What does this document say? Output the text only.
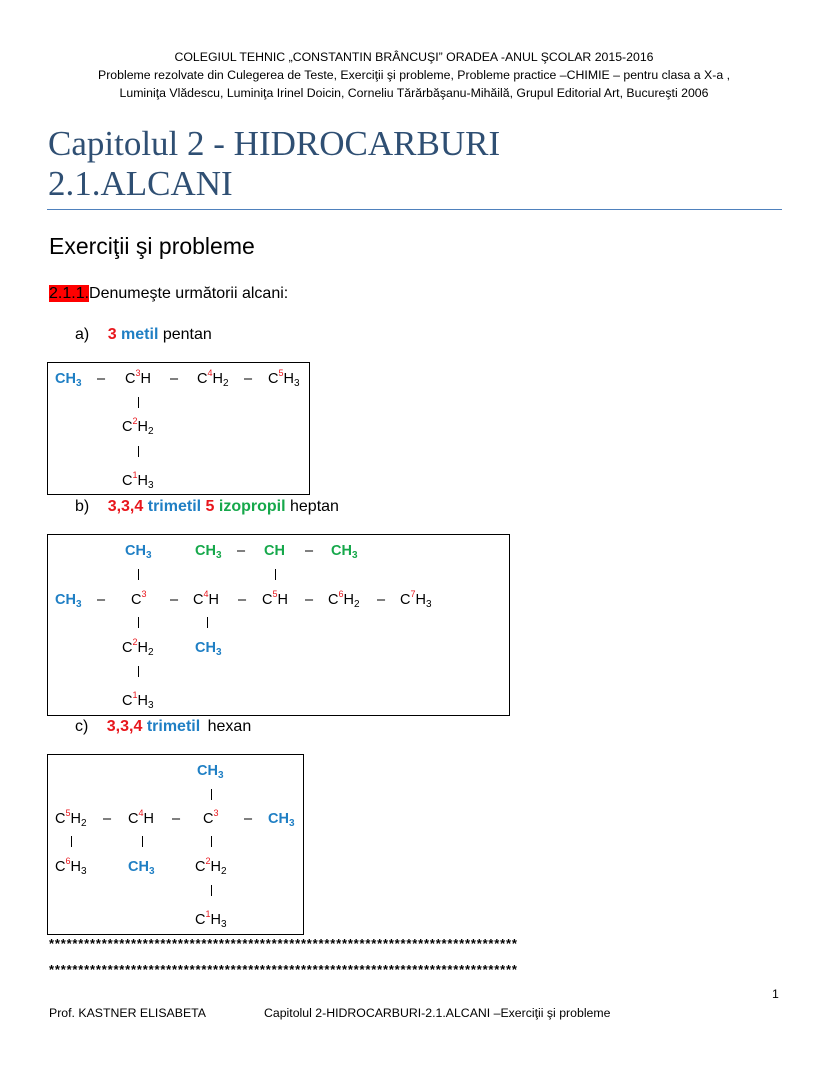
COLEGIUL TEHNIC „CONSTANTIN BRÂNCUŞI” ORADEA -ANUL ŞCOLAR 2015-2016
Probleme rezolvate din Culegerea de Teste, Exerciţii şi probleme, Probleme practice –CHIMIE – pentru clasa a X-a ,
Luminiţa Vlădescu, Luminiţa Irinel Doicin, Corneliu Tărărbăşanu-Mihăilă, Grupul Editorial Art, Bucureşti 2006
Capitolul 2 - HIDROCARBURI
2.1.ALCANI
Exerciţii şi probleme
2.1.1.Denumeşte următorii alcani:
a) 3 metil pentan
$CH_3 - C^3H - C^4H_2 - C^5H_3$
$C^2H_2$
$C^1H_3$
b) 3,3,4 trimetil 5 izopropil heptan
$CH_3$	$CH_3$ – CH – $CH_3$
$CH_3 - C^3 - C^4H - C^5H - C^6H_2 - C^7H_3$
$C^2H_2$	$CH_3$
$C^1H_3$
c) 3,3,4 trimetil hexan
$CH_3$
$C^5H_2 - C^4H - C^3 - CH_3$
$C^6H_3$	$CH_3$	$C^2H_2$
$C^1H_3$
********************************************************************************
********************************************************************************
1
Prof. KASTNER ELISABETA	Capitolul 2-HIDROCARBURI-2.1.ALCANI –Exerciţii şi probleme
